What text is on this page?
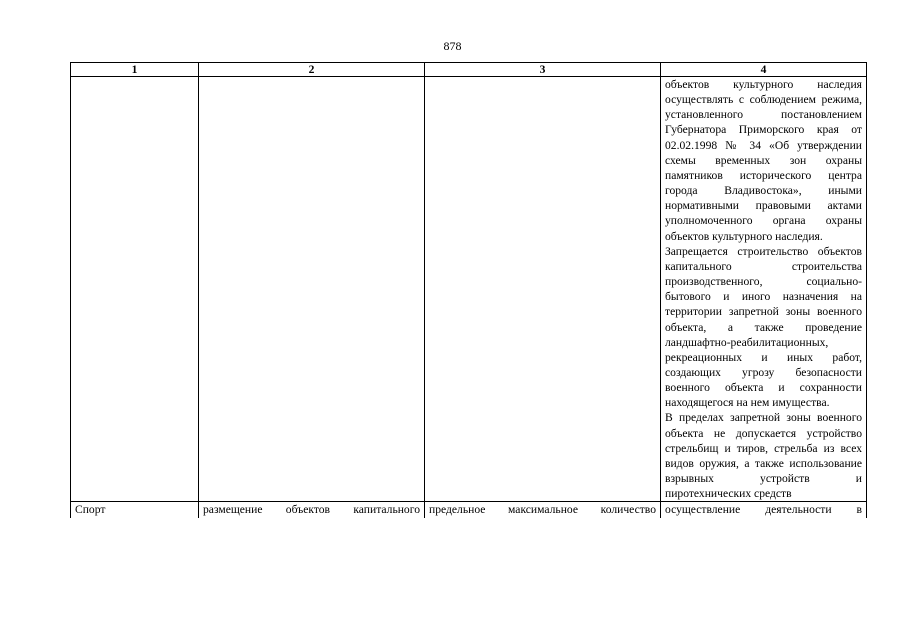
878
1	2	3	4

			объектов культурного наследия осуществлять с соблюдением режима, установленного постановлением Губернатора Приморского края от 02.02.1998 № 34 «Об утверждении схемы временных зон охраны памятников исторического центра города Владивостока», иными нормативными правовыми актами уполномоченного органа охраны объектов культурного наследия.
Запрещается строительство объектов капитального строительства производственного, социально-бытового и иного назначения на территории запретной зоны военного объекта, а также проведение ландшафтно-реабилитационных, рекреационных и иных работ, создающих угрозу безопасности военного объекта и сохранности находящегося на нем имущества.
В пределах запретной зоны военного объекта не допускается устройство стрельбищ и тиров, стрельба из всех видов оружия, а также использование взрывных устройств и пиротехнических средств

Спорт	размещение объектов капитального	предельное максимальное количество	осуществление деятельности в
